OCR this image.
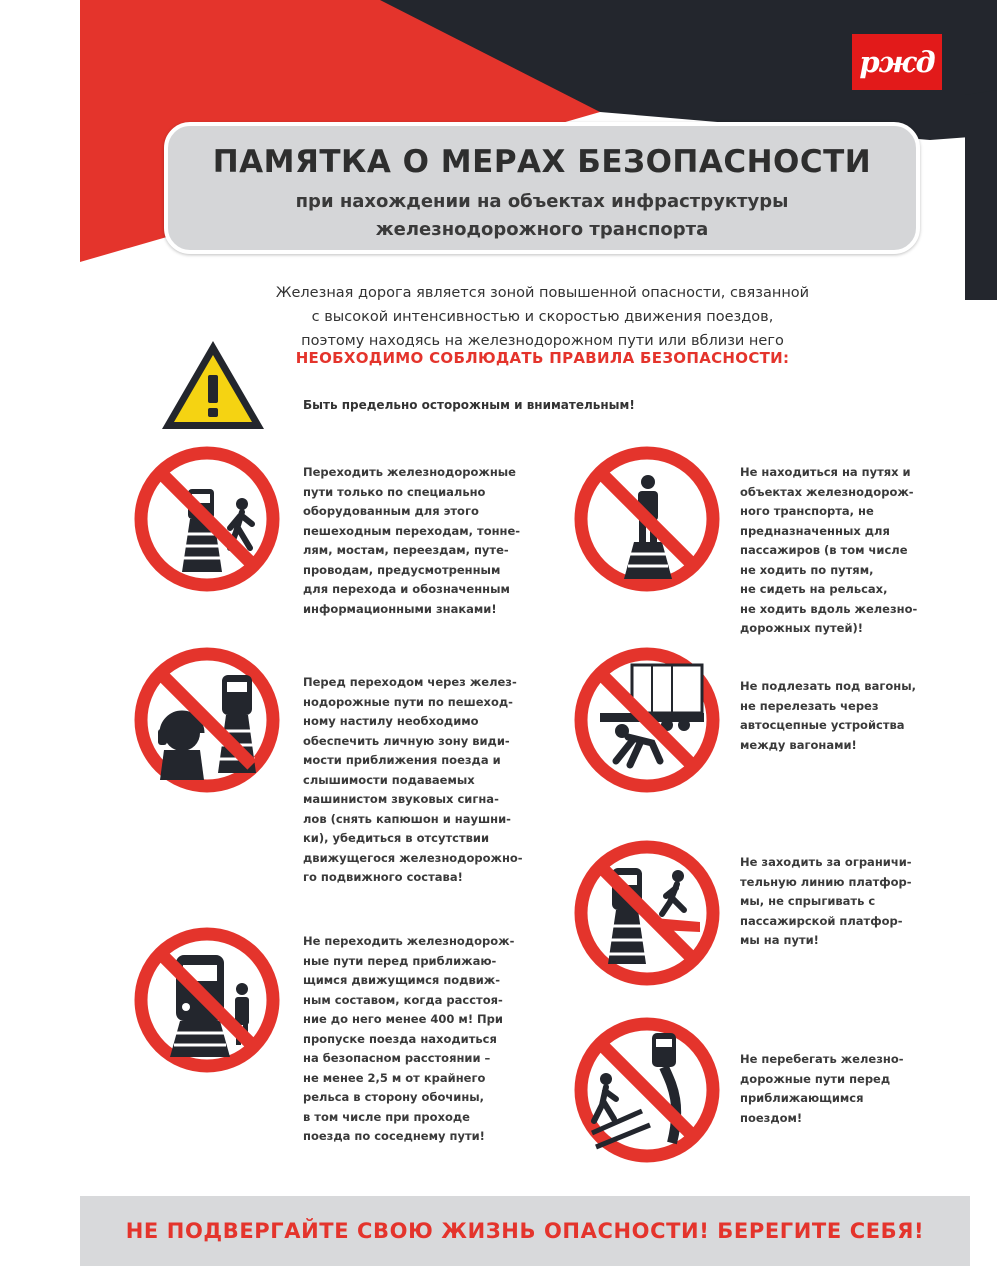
ржд
ПАМЯТКА О МЕРАХ БЕЗОПАСНОСТИ
при нахождении на объектах инфраструктуры
железнодорожного транспорта
Железная дорога является зоной повышенной опасности, связанной
с высокой интенсивностью и скоростью движения поездов,
поэтому находясь на железнодорожном пути или вблизи него
НЕОБХОДИМО СОБЛЮДАТЬ ПРАВИЛА БЕЗОПАСНОСТИ:
Быть предельно осторожным и внимательным!
Переходить железнодорожные
пути только по специально
оборудованным для этого
пешеходным переходам, тонне-
лям, мостам, переездам, путе-
проводам, предусмотренным
для перехода и обозначенным
информационными знаками!
Не находиться на путях и
объектах железнодорож-
ного транспорта, не
предназначенных для
пассажиров (в том числе
не ходить по путям,
не сидеть на рельсах,
не ходить вдоль железно-
дорожных путей)!
Перед переходом через желез-
нодорожные пути по пешеход-
ному настилу необходимо
обеспечить личную зону види-
мости приближения поезда и
слышимости подаваемых
машинистом звуковых сигна-
лов (снять капюшон и наушни-
ки), убедиться в отсутствии
движущегося железнодорожно-
го подвижного состава!
Не подлезать под вагоны,
не перелезать через
автосцепные устройства
между вагонами!
Не заходить за ограничи-
тельную линию платфор-
мы, не спрыгивать с
пассажирской платфор-
мы на пути!
Не переходить железнодорож-
ные пути перед приближаю-
щимся движущимся подвиж-
ным составом, когда расстоя-
ние до него менее 400 м! При
пропуске поезда находиться
на безопасном расстоянии –
не менее 2,5 м от крайнего
рельса в сторону обочины,
в том числе при проходе
поезда по соседнему пути!
Не перебегать железно-
дорожные пути перед
приближающимся
поездом!
НЕ ПОДВЕРГАЙТЕ СВОЮ ЖИЗНЬ ОПАСНОСТИ! БЕРЕГИТЕ СЕБЯ!
